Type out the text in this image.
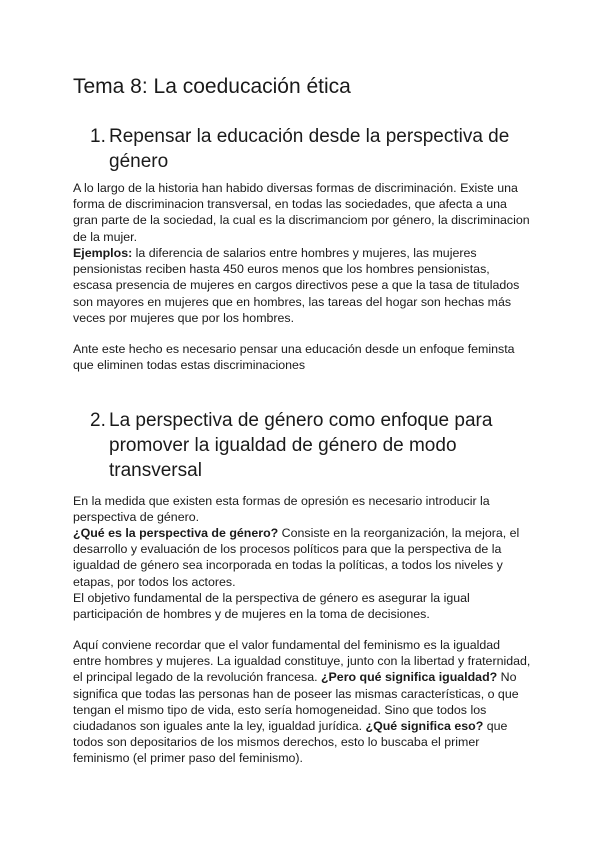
Tema 8: La coeducación ética
1. Repensar la educación desde la perspectiva de género

A lo largo de la historia han habido diversas formas de discriminación. Existe una forma de discriminacion transversal, en todas las sociedades, que afecta a una gran parte de la sociedad, la cual es la discrimanciom por género, la discriminacion de la mujer.

Ejemplos: la diferencia de salarios entre hombres y mujeres, las mujeres pensionistas reciben hasta 450 euros menos que los hombres pensionistas, escasa presencia de mujeres en cargos directivos pese a que la tasa de titulados son mayores en mujeres que en hombres, las tareas del hogar son hechas más veces por mujeres que por los hombres.

Ante este hecho es necesario pensar una educación desde un enfoque feminsta que eliminen todas estas discriminaciones

2. La perspectiva de género como enfoque para promover la igualdad de género de modo transversal

En la medida que existen esta formas de opresión es necesario introducir la perspectiva de género.

¿Qué es la perspectiva de género? Consiste en la reorganización, la mejora, el desarrollo y evaluación de los procesos políticos para que la perspectiva de la igualdad de género sea incorporada en todas la políticas, a todos los niveles y etapas, por todos los actores.

El objetivo fundamental de la perspectiva de género es asegurar la igual participación de hombres y de mujeres en la toma de decisiones.

Aquí conviene recordar que el valor fundamental del feminismo es la igualdad entre hombres y mujeres. La igualdad constituye, junto con la libertad y fraternidad, el principal legado de la revolución francesa. ¿Pero qué significa igualdad? No significa que todas las personas han de poseer las mismas características, o que tengan el mismo tipo de vida, esto sería homogeneidad. Sino que todos los ciudadanos son iguales ante la ley, igualdad jurídica. ¿Qué significa eso? que todos son depositarios de los mismos derechos, esto lo buscaba el primer feminismo (el primer paso del feminismo).
